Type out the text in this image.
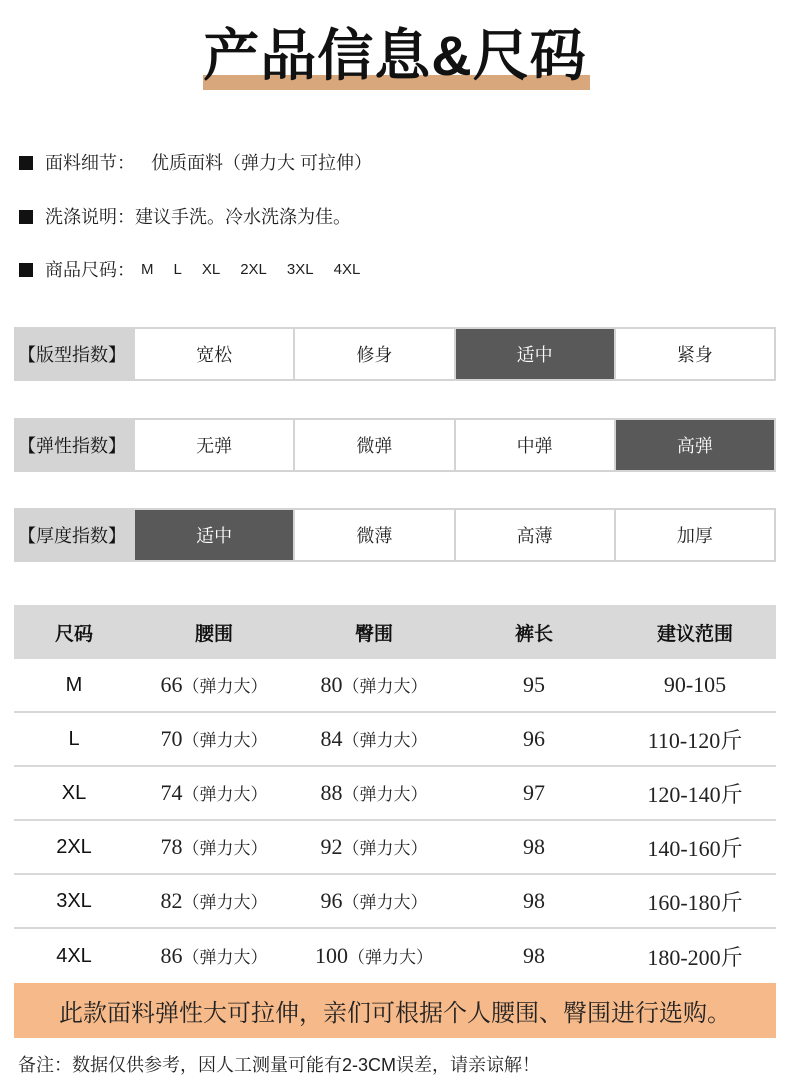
产品信息&尺码
面料细节： 优质面料（弹力大 可拉伸）
洗涤说明： 建议手洗。冷水洗涤为佳。
商品尺码： M L XL 2XL 3XL 4XL
【版型指数】	宽松	修身	适中	紧身
【弹性指数】	无弹	微弹	中弹	高弹
【厚度指数】	适中	微薄	高薄	加厚
尺码	腰围	臀围	裤长	建议范围
M	66（弹力大）	80（弹力大）	95	90-105
L	70（弹力大）	84（弹力大）	96	110-120斤
XL	74（弹力大）	88（弹力大）	97	120-140斤
2XL	78（弹力大）	92（弹力大）	98	140-160斤
3XL	82（弹力大）	96（弹力大）	98	160-180斤
4XL	86（弹力大）	100（弹力大）	98	180-200斤
此款面料弹性大可拉伸，亲们可根据个人腰围、臀围进行选购。
备注：数据仅供参考，因人工测量可能有2-3CM误差，请亲谅解！
